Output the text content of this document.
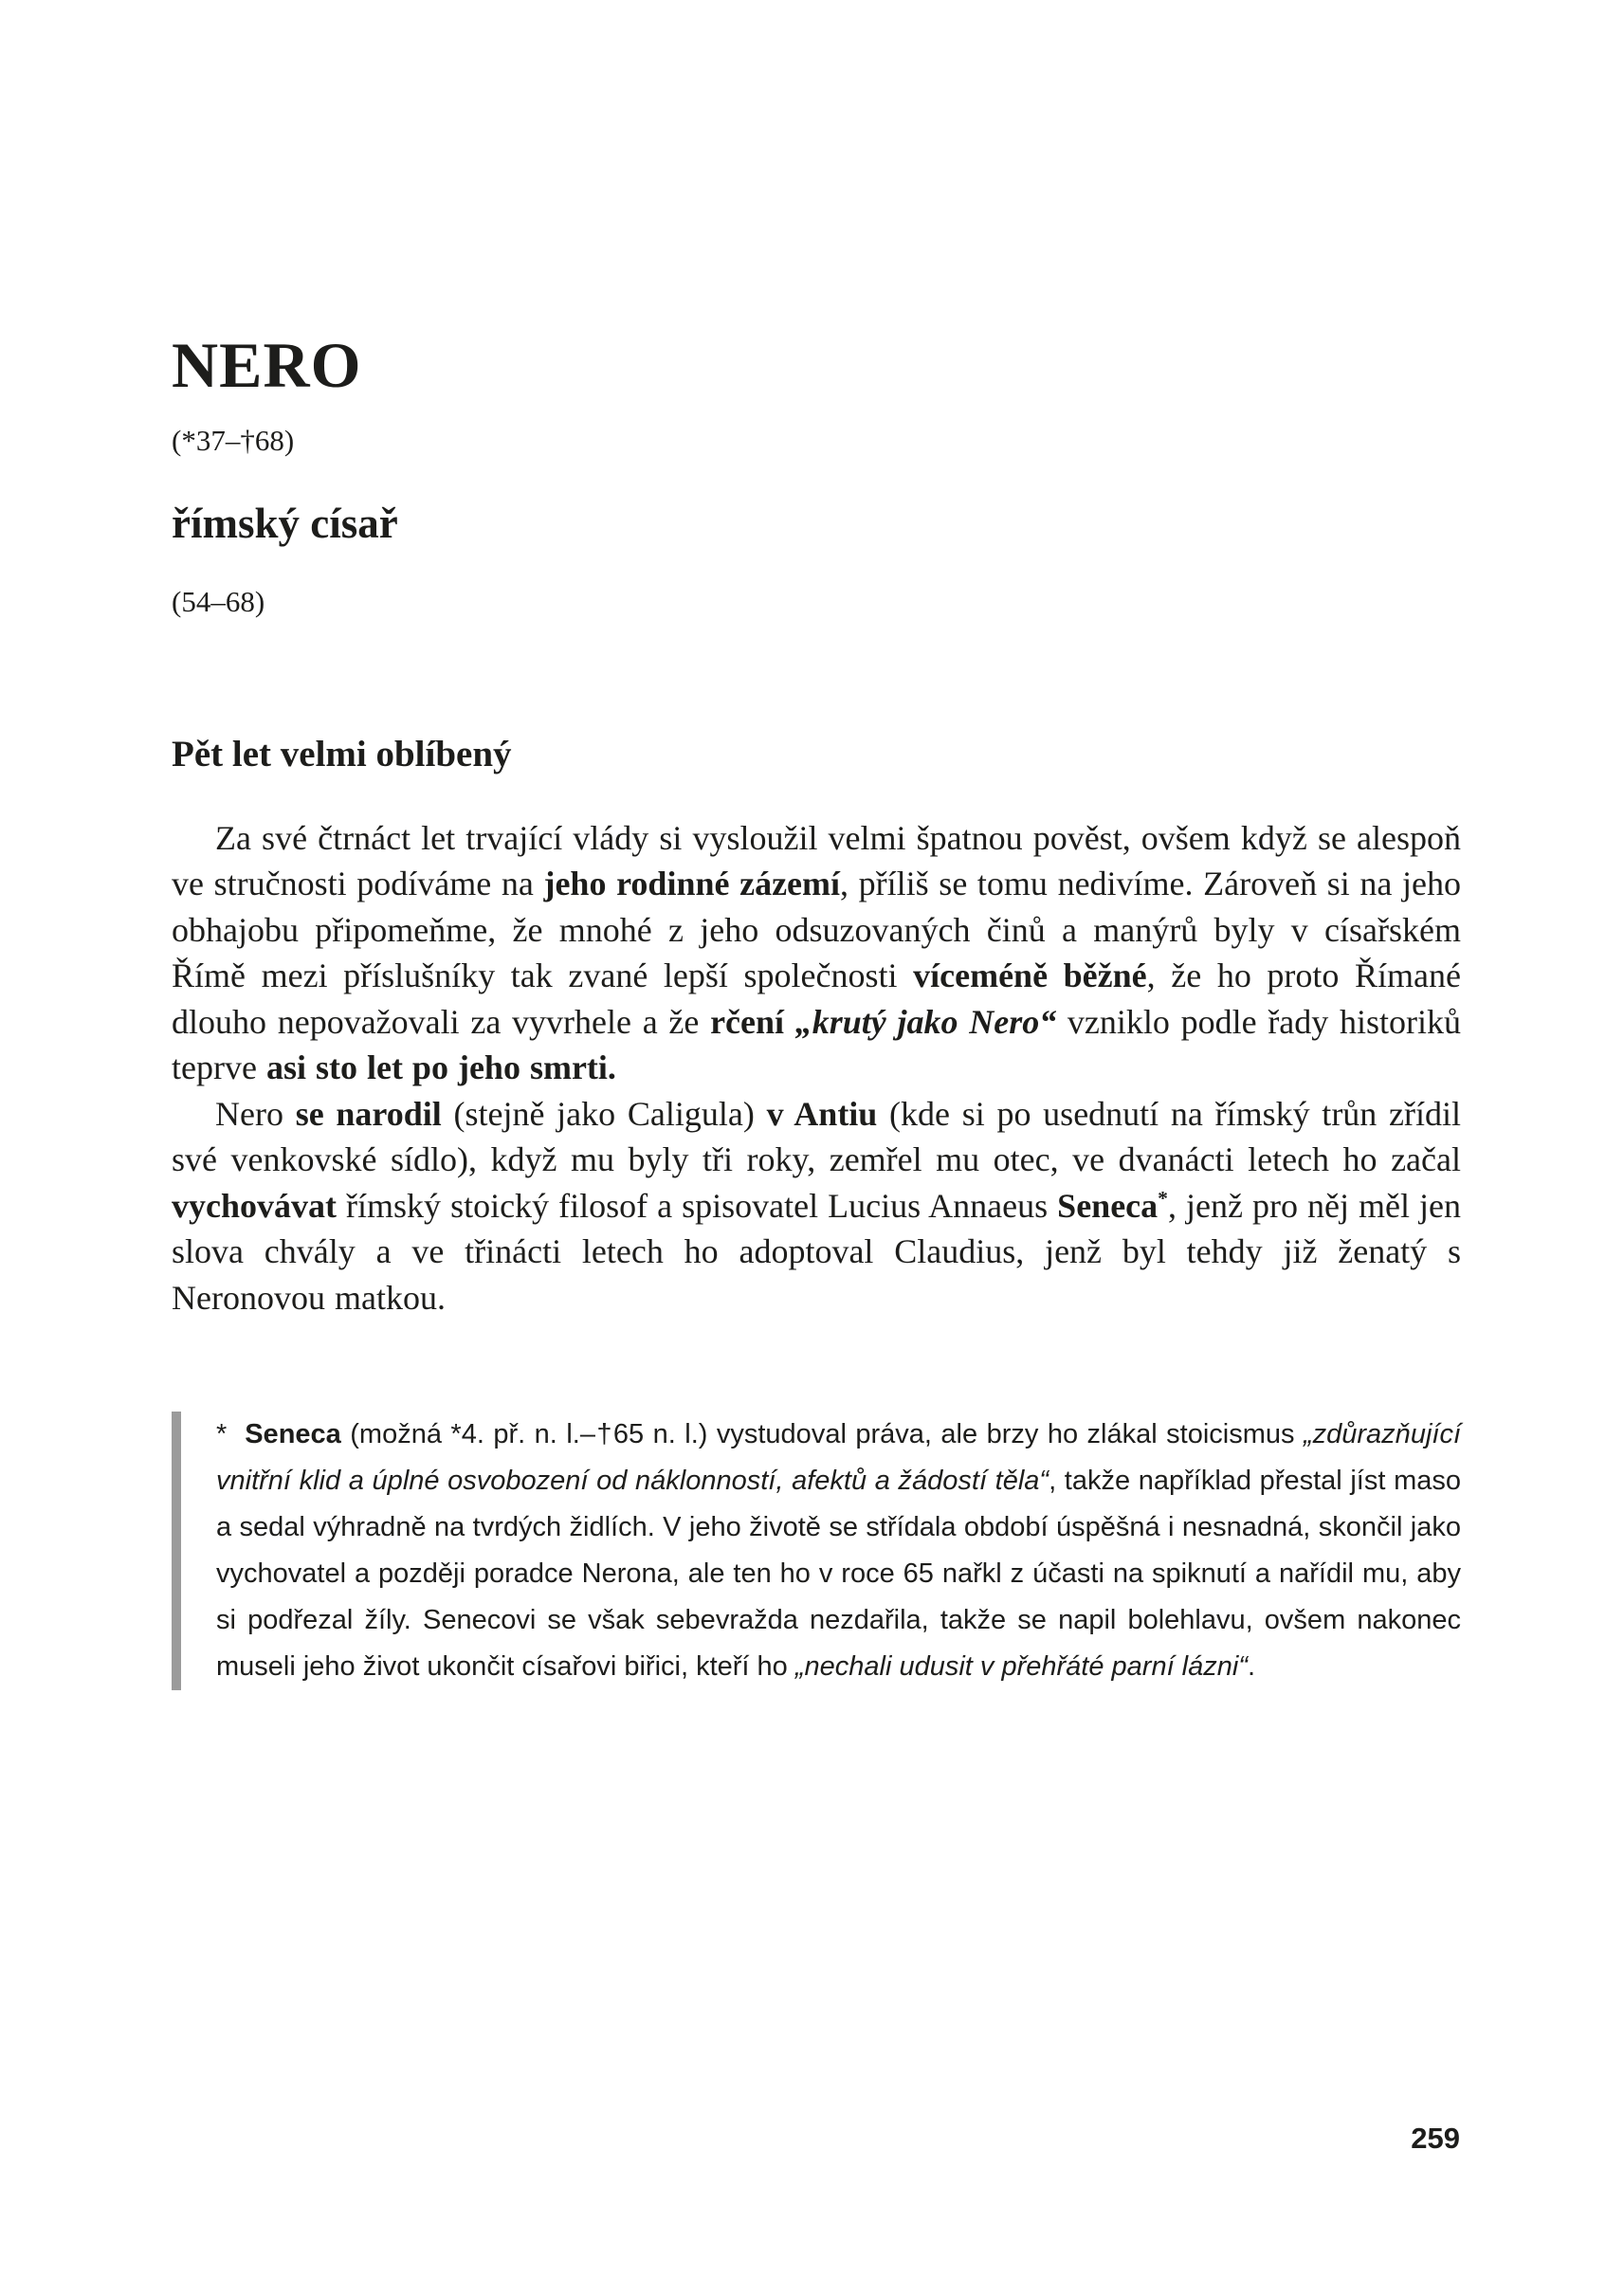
NERO

(*37–†68)

římský císař

(54–68)

Pět let velmi oblíbený

Za své čtrnáct let trvající vlády si vysloužil velmi špatnou pověst, ovšem když se alespoň ve stručnosti podíváme na jeho rodinné zázemí, příliš se tomu nedivíme. Zároveň si na jeho obhajobu připomeňme, že mnohé z jeho odsuzovaných činů a manýrů byly v císařském Římě mezi příslušníky tak zvané lepší společnosti víceméně běžné, že ho proto Římané dlouho nepovažovali za vyvrhele a že rčení „krutý jako Nero“ vzniklo podle řady historiků teprve asi sto let po jeho smrti.

Nero se narodil (stejně jako Caligula) v Antiu (kde si po usednutí na římský trůn zřídil své venkovské sídlo), když mu byly tři roky, zemřel mu otec, ve dvanácti letech ho začal vychovávat římský stoický filosof a spisovatel Lucius Annaeus Seneca*, jenž pro něj měl jen slova chvály a ve třinácti letech ho adoptoval Claudius, jenž byl tehdy již ženatý s Neronovou matkou.

*  Seneca (možná *4. př. n. l.–†65 n. l.) vystudoval práva, ale brzy ho zlákal stoicismus „zdůrazňující vnitřní klid a úplné osvobození od náklonností, afektů a žádostí těla“, takže například přestal jíst maso a sedal výhradně na tvrdých židlích. V jeho životě se střídala období úspěšná i nesnadná, skončil jako vychovatel a později poradce Nerona, ale ten ho v roce 65 nařkl z účasti na spiknutí a nařídil mu, aby si podřezal žíly. Senecovi se však sebevražda nezdařila, takže se napil bolehlavu, ovšem nakonec museli jeho život ukončit císařovi biřici, kteří ho „nechali udusit v přehřáté parní lázni“.

259
